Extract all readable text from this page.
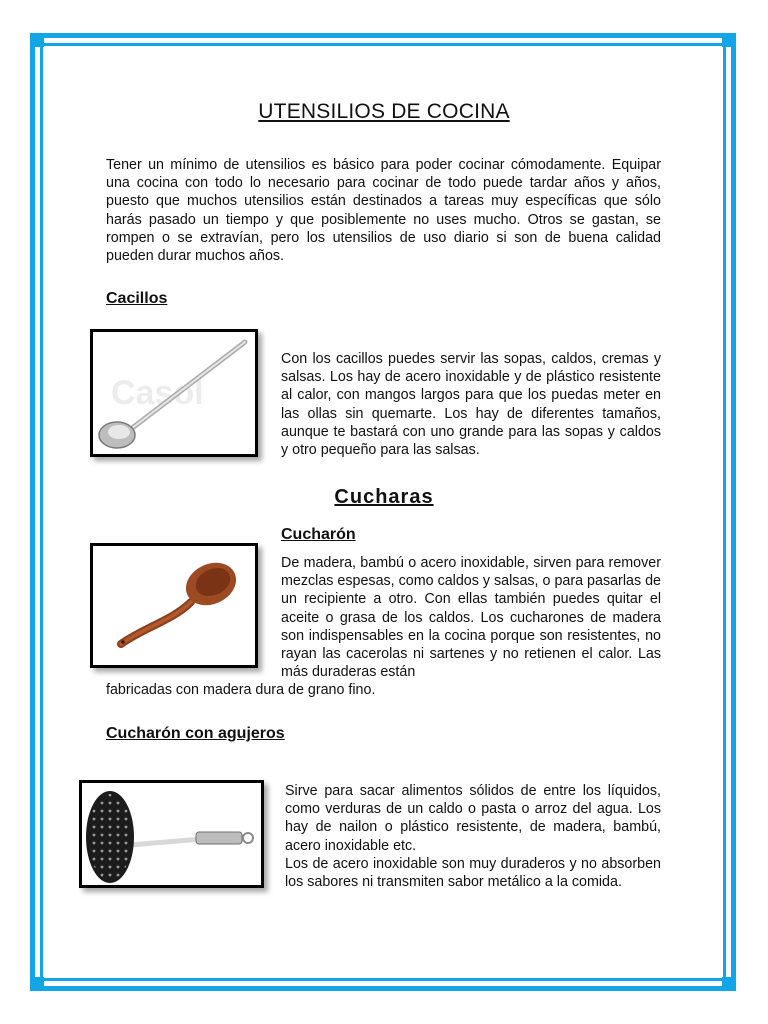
UTENSILIOS DE COCINA

Tener un mínimo de utensilios es básico para poder cocinar cómodamente. Equipar una cocina con todo lo necesario para cocinar de todo puede tardar años y años, puesto que muchos utensilios están destinados a tareas muy específicas que sólo harás pasado un tiempo y que posiblemente no uses mucho. Otros se gastan, se rompen o se extravían, pero los utensilios de uso diario si son de buena calidad pueden durar muchos años.

Cacillos
Casol

Con los cacillos puedes servir las sopas, caldos, cremas y salsas. Los hay de acero inoxidable y de plástico resistente al calor, con mangos largos para que los puedas meter en las ollas sin quemarte. Los hay de diferentes tamaños, aunque te bastará con uno grande para las sopas y caldos y otro pequeño para las salsas.

Cucharas
Cucharón

De madera, bambú o acero inoxidable, sirven para remover mezclas espesas, como caldos y salsas, o para pasarlas de un recipiente a otro. Con ellas también puedes quitar el aceite o grasa de los caldos. Los cucharones de madera son indispensables en la cocina porque son resistentes, no rayan las cacerolas ni sartenes y no retienen el calor. Las más duraderas están

fabricadas con madera dura de grano fino.

Cucharón con agujeros

Sirve para sacar alimentos sólidos de entre los líquidos, como verduras de un caldo o pasta o arroz del agua. Los hay de nailon o plástico resistente, de madera, bambú, acero inoxidable etc.
Los de acero inoxidable son muy duraderos y no absorben los sabores ni transmiten sabor metálico a la comida.
